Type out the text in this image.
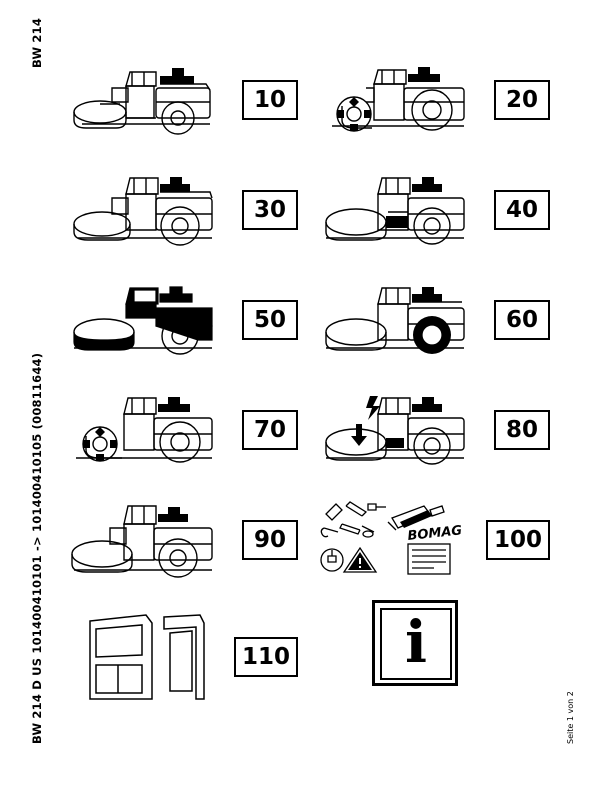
BW 214
BW 214 D US 101400410101 -> 101400410105 (00811644)	Seite 1 von 2
10	20
30	40
50	60
70	80
90	BOMAG	100
110 i
